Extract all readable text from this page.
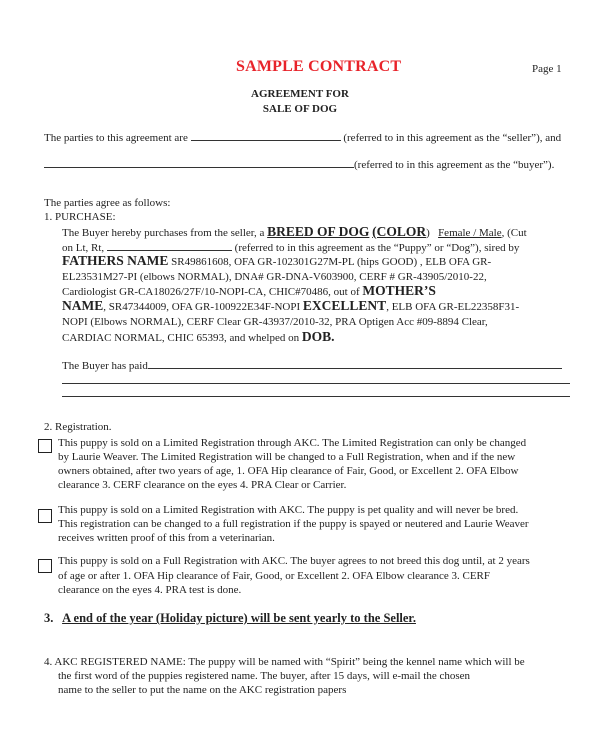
SAMPLE CONTRACT	Page 1
AGREEMENT FOR
SALE OF DOG
The parties to this agreement are	(referred to in this agreement as the “seller”), and
(referred to in this agreement as the “buyer”).
The parties agree as follows:
1. PURCHASE:
The Buyer hereby purchases from the seller, a BREED OF DOG (COLOR) Female / Male, (Cut
on Lt, Rt,	(referred to in this agreement as the “Puppy” or “Dog”), sired by
FATHERS NAME SR49861608, OFA GR-102301G27M-PL (hips GOOD) , ELB OFA GR-
EL23531M27-PI (elbows NORMAL), DNA# GR-DNA-V603900, CERF # GR-43905/2010-22,
Cardiologist GR-CA18026/27F/10-NOPI-CA, CHIC#70486, out of MOTHER’S
NAME, SR47344009, OFA GR-100922E34F-NOPI EXCELLENT, ELB OFA GR-EL22358F31-
NOPI (Elbows NORMAL), CERF Clear GR-43937/2010-32, PRA Optigen Acc #09-8894 Clear,
CARDIAC NORMAL, CHIC 65393, and whelped on DOB.
The Buyer has paid
2. Registration.
This puppy is sold on a Limited Registration through AKC. The Limited Registration can only be changed
by Laurie Weaver. The Limited Registration will be changed to a Full Registration, when and if the new
owners obtained, after two years of age, 1. OFA Hip clearance of Fair, Good, or Excellent 2. OFA Elbow
clearance 3. CERF clearance on the eyes 4. PRA Clear or Carrier.
This puppy is sold on a Limited Registration with AKC. The puppy is pet quality and will never be bred.
This registration can be changed to a full registration if the puppy is spayed or neutered and Laurie Weaver
receives written proof of this from a veterinarian.
This puppy is sold on a Full Registration with AKC. The buyer agrees to not breed this dog until, at 2 years
of age or after 1. OFA Hip clearance of Fair, Good, or Excellent 2. OFA Elbow clearance 3. CERF
clearance on the eyes 4. PRA test is done.
3. A end of the year (Holiday picture) will be sent yearly to the Seller.
4. AKC REGISTERED NAME: The puppy will be named with “Spirit” being the kennel name which will be
the first word of the puppies registered name. The buyer, after 15 days, will e-mail the chosen
name to the seller to put the name on the AKC registration papers
